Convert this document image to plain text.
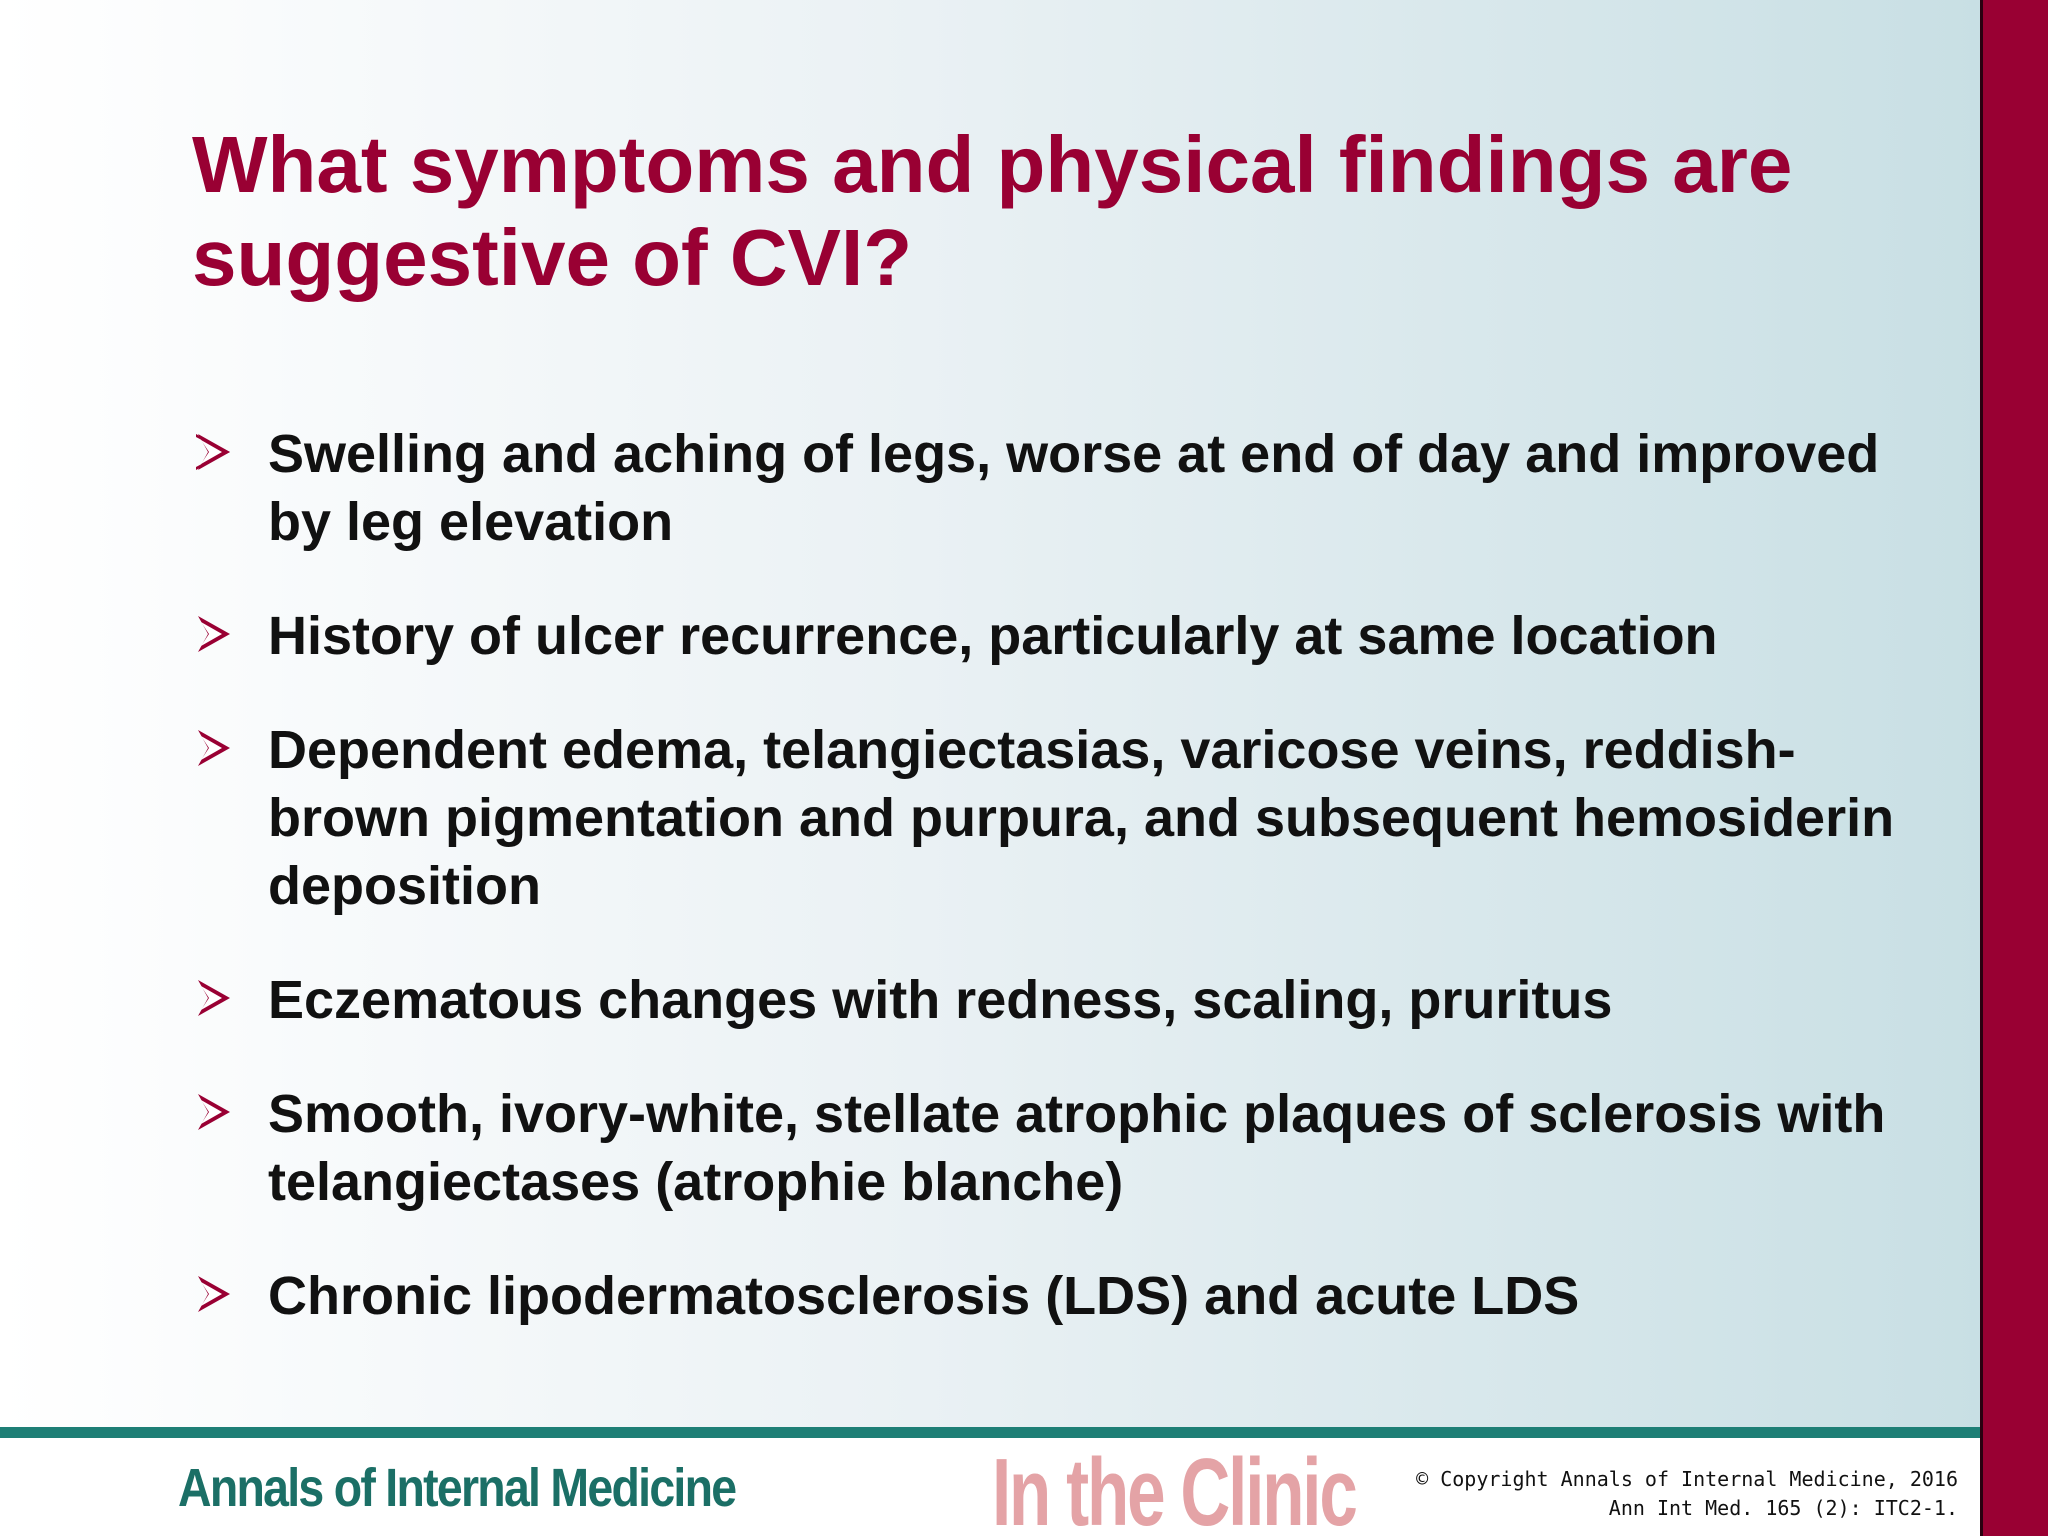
What symptoms and physical findings are suggestive of CVI?
Swelling and aching of legs, worse at end of day and improved by leg elevation
History of ulcer recurrence, particularly at same location
Dependent edema, telangiectasias, varicose veins, reddish-brown pigmentation and purpura, and subsequent hemosiderin deposition
Eczematous changes with redness, scaling, pruritus
Smooth, ivory-white, stellate atrophic plaques of sclerosis with telangiectases (atrophie blanche)
Chronic lipodermatosclerosis (LDS) and acute LDS
Annals of Internal Medicine	In the Clinic	© Copyright Annals of Internal Medicine, 2016
Ann Int Med. 165 (2): ITC2-1.
